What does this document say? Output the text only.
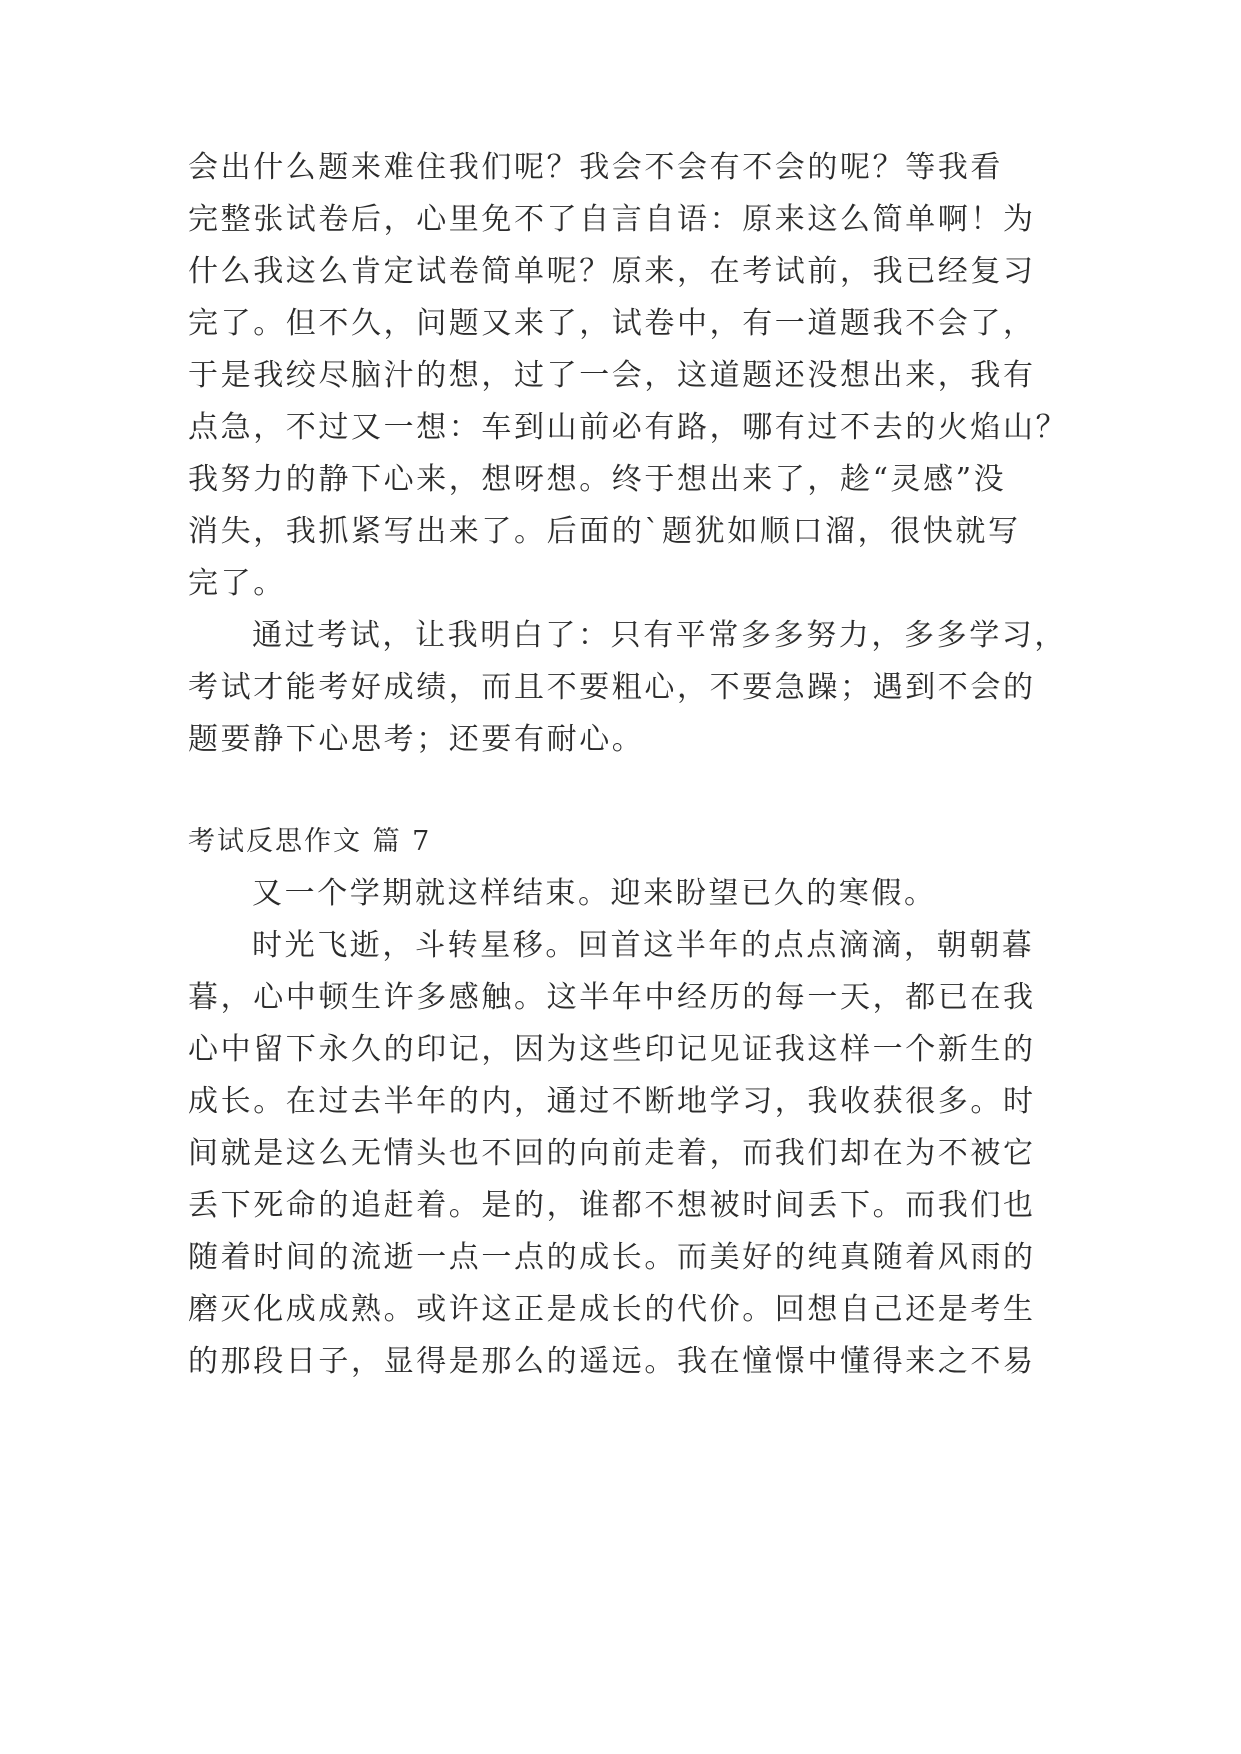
会出什么题来难住我们呢？我会不会有不会的呢？等我看
完整张试卷后，心里免不了自言自语：原来这么简单啊！为
什么我这么肯定试卷简单呢？原来，在考试前，我已经复习
完了。但不久，问题又来了，试卷中，有一道题我不会了，
于是我绞尽脑汁的想，过了一会，这道题还没想出来，我有
点急，不过又一想：车到山前必有路，哪有过不去的火焰山？
我努力的静下心来，想呀想。终于想出来了，趁“灵感”没
消失，我抓紧写出来了。后面的`题犹如顺口溜，很快就写
完了。
通过考试，让我明白了：只有平常多多努力，多多学习，
考试才能考好成绩，而且不要粗心，不要急躁；遇到不会的
题要静下心思考；还要有耐心。
考试反思作文 篇 7
又一个学期就这样结束。迎来盼望已久的寒假。
时光飞逝，斗转星移。回首这半年的点点滴滴，朝朝暮
暮，心中顿生许多感触。这半年中经历的每一天，都已在我
心中留下永久的印记，因为这些印记见证我这样一个新生的
成长。在过去半年的内，通过不断地学习，我收获很多。时
间就是这么无情头也不回的向前走着，而我们却在为不被它
丢下死命的追赶着。是的，谁都不想被时间丢下。而我们也
随着时间的流逝一点一点的成长。而美好的纯真随着风雨的
磨灭化成成熟。或许这正是成长的代价。回想自己还是考生
的那段日子，显得是那么的遥远。我在憧憬中懂得来之不易
